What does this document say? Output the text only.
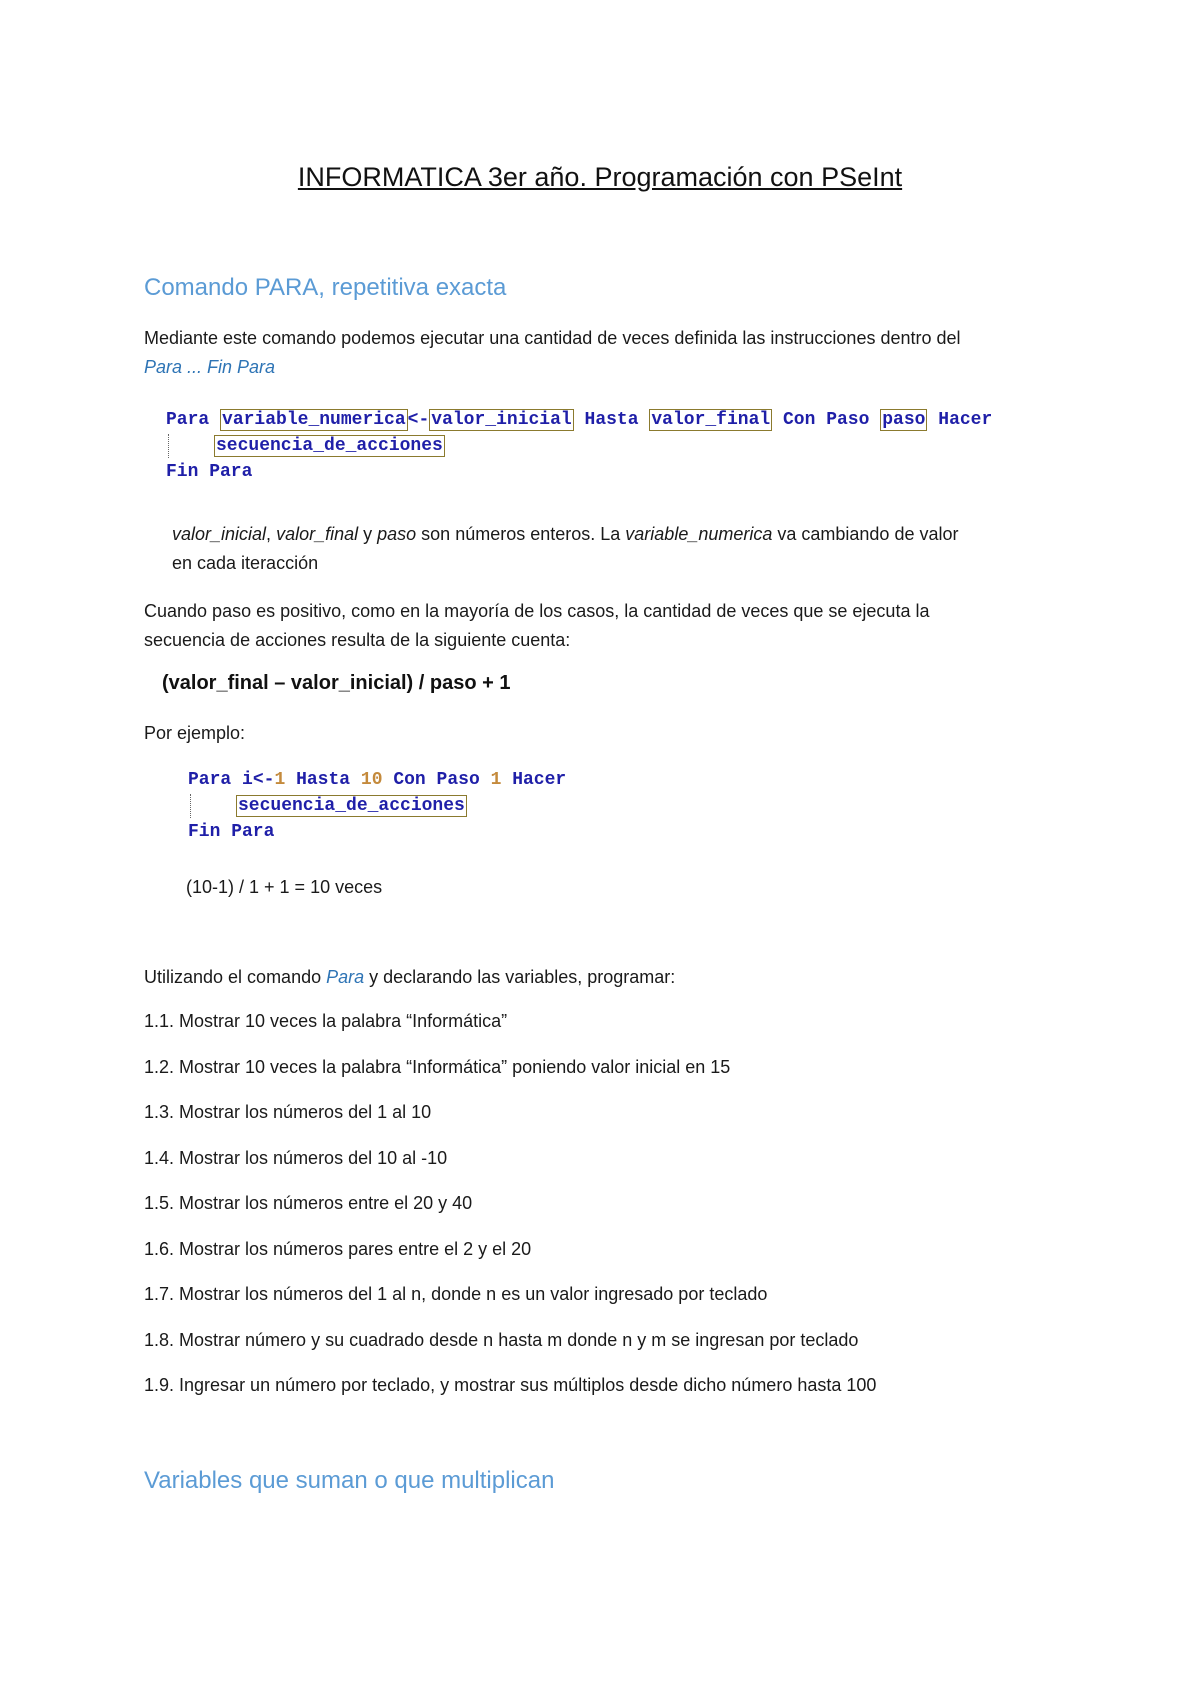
INFORMATICA 3er año. Programación con PSeInt
Comando PARA, repetitiva exacta
Mediante este comando podemos ejecutar una cantidad de veces definida las instrucciones dentro del
Para ... Fin Para
Para variable_numerica <- valor_inicial Hasta valor_final Con Paso paso Hacer
secuencia_de_acciones
Fin Para
valor_inicial, valor_final y paso son números enteros. La variable_numerica va cambiando de valor
en cada iteracción
Cuando paso es positivo, como en la mayoría de los casos, la cantidad de veces que se ejecuta la
secuencia de acciones resulta de la siguiente cuenta:
(valor_final – valor_inicial) / paso + 1
Por ejemplo:
Para i<-1 Hasta 10 Con Paso 1 Hacer
secuencia_de_acciones
Fin Para
(10-1) / 1 + 1 = 10 veces
Utilizando el comando Para y declarando las variables, programar:
1.1. Mostrar 10 veces la palabra “Informática”
1.2. Mostrar 10 veces la palabra “Informática” poniendo valor inicial en 15
1.3. Mostrar los números del 1 al 10
1.4. Mostrar los números del 10 al -10
1.5. Mostrar los números entre el 20 y 40
1.6. Mostrar los números pares entre el 2 y el 20
1.7. Mostrar los números del 1 al n, donde n es un valor ingresado por teclado
1.8. Mostrar número y su cuadrado desde n hasta m donde n y m se ingresan por teclado
1.9. Ingresar un número por teclado, y mostrar sus múltiplos desde dicho número hasta 100
Variables que suman o que multiplican
